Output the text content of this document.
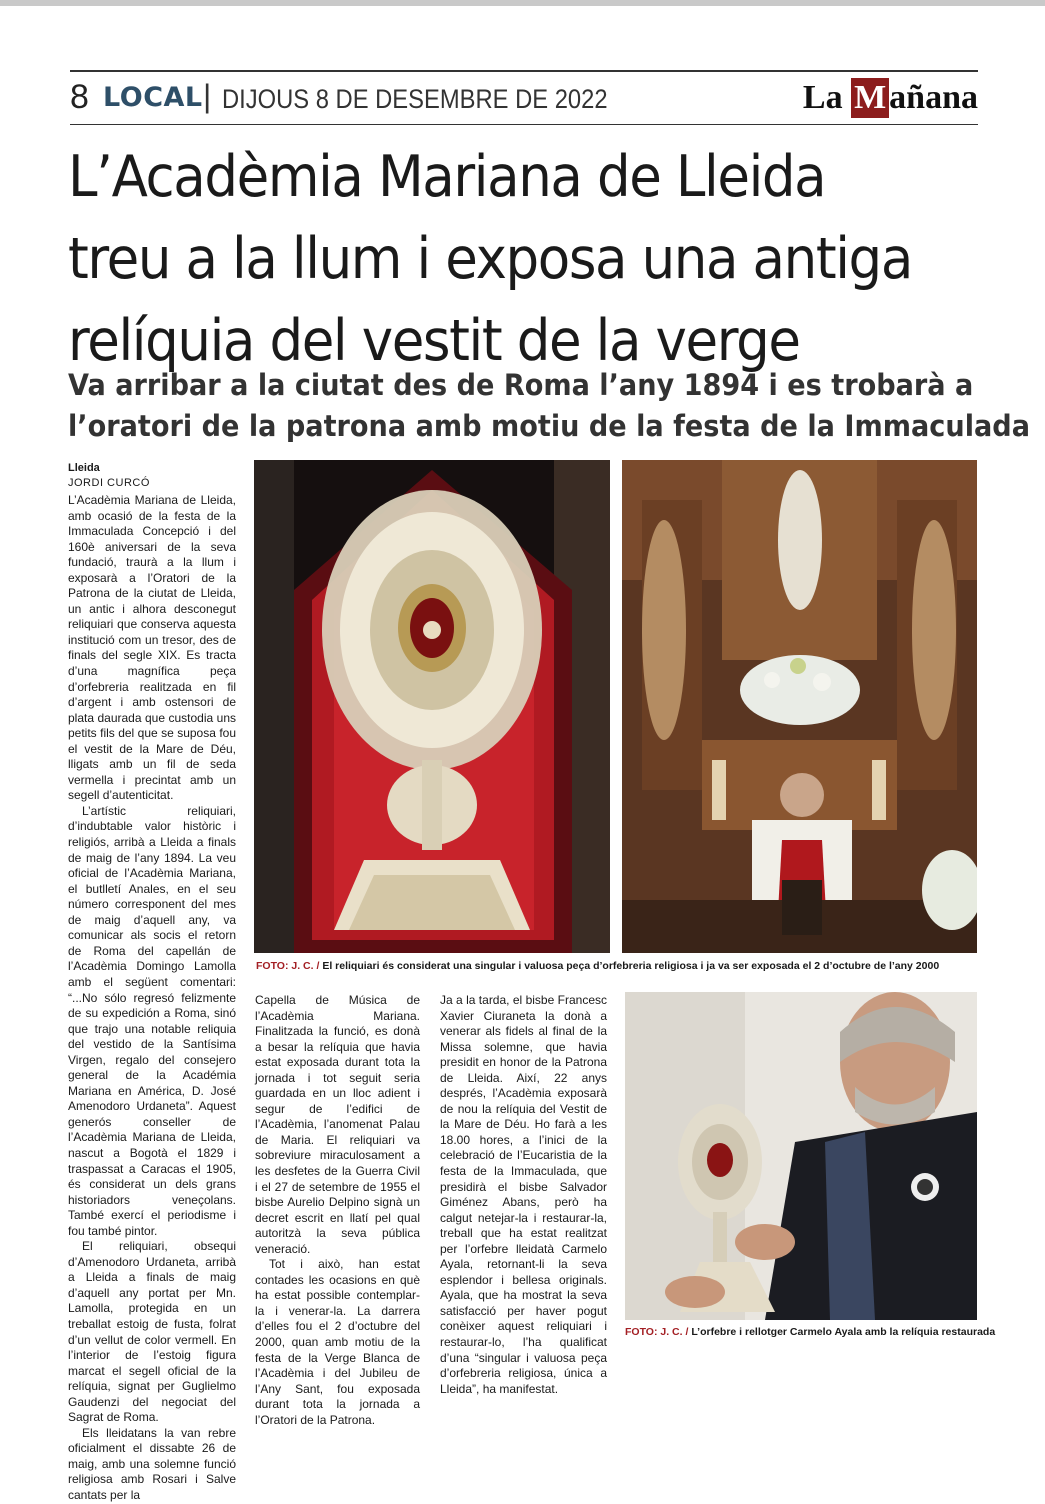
8 LOCAL | DIJOUS 8 DE DESEMBRE DE 2022	La Mañana
L’Acadèmia Mariana de Lleida
treu a la llum i exposa una antiga
relíquia del vestit de la verge
Va arribar a la ciutat des de Roma l’any 1894 i es trobarà a
l’oratori de la patrona amb motiu de la festa de la Immaculada
Lleida
JORDI CURCÓ

L’Acadèmia Mariana de Lleida, amb ocasió de la festa de la Immaculada Concepció i del 160è aniversari de la seva fundació, traurà a la llum i exposarà a l’Oratori de la Patrona de la ciutat de Lleida, un antic i alhora desconegut reliquiari que conserva aquesta institució com un tresor, des de finals del segle XIX. Es tracta d’una magnífica peça d’orfebreria realitzada en fil d’argent i amb ostensori de plata daurada que custodia uns petits fils del que se suposa fou el vestit de la Mare de Déu, lligats amb un fil de seda vermella i precintat amb un segell d’autenticitat.

L’artístic reliquiari, d’indubtable valor històric i religiós, arribà a Lleida a finals de maig de l’any 1894. La veu oficial de l’Acadèmia Mariana, el butlletí Anales, en el seu número corresponent del mes de maig d’aquell any, va comunicar als socis el retorn de Roma del capellán de l’Acadèmia Domingo Lamolla amb el següent comentari: “...No sólo regresó felizmente de su expedición a Roma, sinó que trajo una notable reliquia del vestido de la Santísima Virgen, regalo del consejero general de la Académia Mariana en América, D. José Amenodoro Urdaneta”. Aquest generós conseller de l’Acadèmia Mariana de Lleida, nascut a Bogotà el 1829 i traspassat a Caracas el 1905, és considerat un dels grans historiadors veneçolans. També exercí el periodisme i fou també pintor.

El reliquiari, obsequi d’Amenodoro Urdaneta, arribà a Lleida a finals de maig d’aquell any portat per Mn. Lamolla, protegida en un treballat estoig de fusta, folrat d’un vellut de color vermell. En l’interior de l’estoig figura marcat el segell oficial de la relíquia, signat per Guglielmo Gaudenzi del negociat del Sagrat de Roma.

Els lleidatans la van rebre oficialment el dissabte 26 de maig, amb una solemne funció religiosa amb Rosari i Salve cantats per la

Capella de Música de l’Acadèmia Mariana. Finalitzada la funció, es donà a besar la relíquia que havia estat exposada durant tota la jornada i tot seguit seria guardada en un lloc adient i segur de l’edifici de l’Acadèmia, l’anomenat Palau de Maria. El reliquiari va sobreviure miraculosament a les desfetes de la Guerra Civil i el 27 de setembre de 1955 el bisbe Aurelio Delpino signà un decret escrit en llatí pel qual autoritzà la seva pública veneració.

Tot i això, han estat contades les ocasions en què ha estat possible contemplar-la i venerar-la. La darrera d’elles fou el 2 d’octubre del 2000, quan amb motiu de la festa de la Verge Blanca de l’Acadèmia i del Jubileu de l’Any Sant, fou exposada durant tota la jornada a l’Oratori de la Patrona.

Ja a la tarda, el bisbe Francesc Xavier Ciuraneta la donà a venerar als fidels al final de la Missa solemne, que havia presidit en honor de la Patrona de Lleida. Així, 22 anys després, l’Acadèmia exposarà de nou la relíquia del Vestit de la Mare de Déu. Ho farà a les 18.00 hores, a l’inici de la celebració de l’Eucaristia de la festa de la Immaculada, que presidirà el bisbe Salvador Giménez Abans, però ha calgut netejar-la i restaurar-la, treball que ha estat realitzat per l’orfebre lleidatà Carmelo Ayala, retornant-li la seva esplendor i bellesa originals. Ayala, que ha mostrat la seva satisfacció per haver pogut conèixer aquest reliquiari i restaurar-lo, l’ha qualificat d’una “singular i valuosa peça d’orfebreria religiosa, única a Lleida”, ha manifestat.

FOTO: J. C. / El reliquiari és considerat una singular i valuosa peça d’orfebreria religiosa i ja va ser exposada el 2 d’octubre de l’any 2000
FOTO: J. C. / L’orfebre i rellotger Carmelo Ayala amb la relíquia restaurada
